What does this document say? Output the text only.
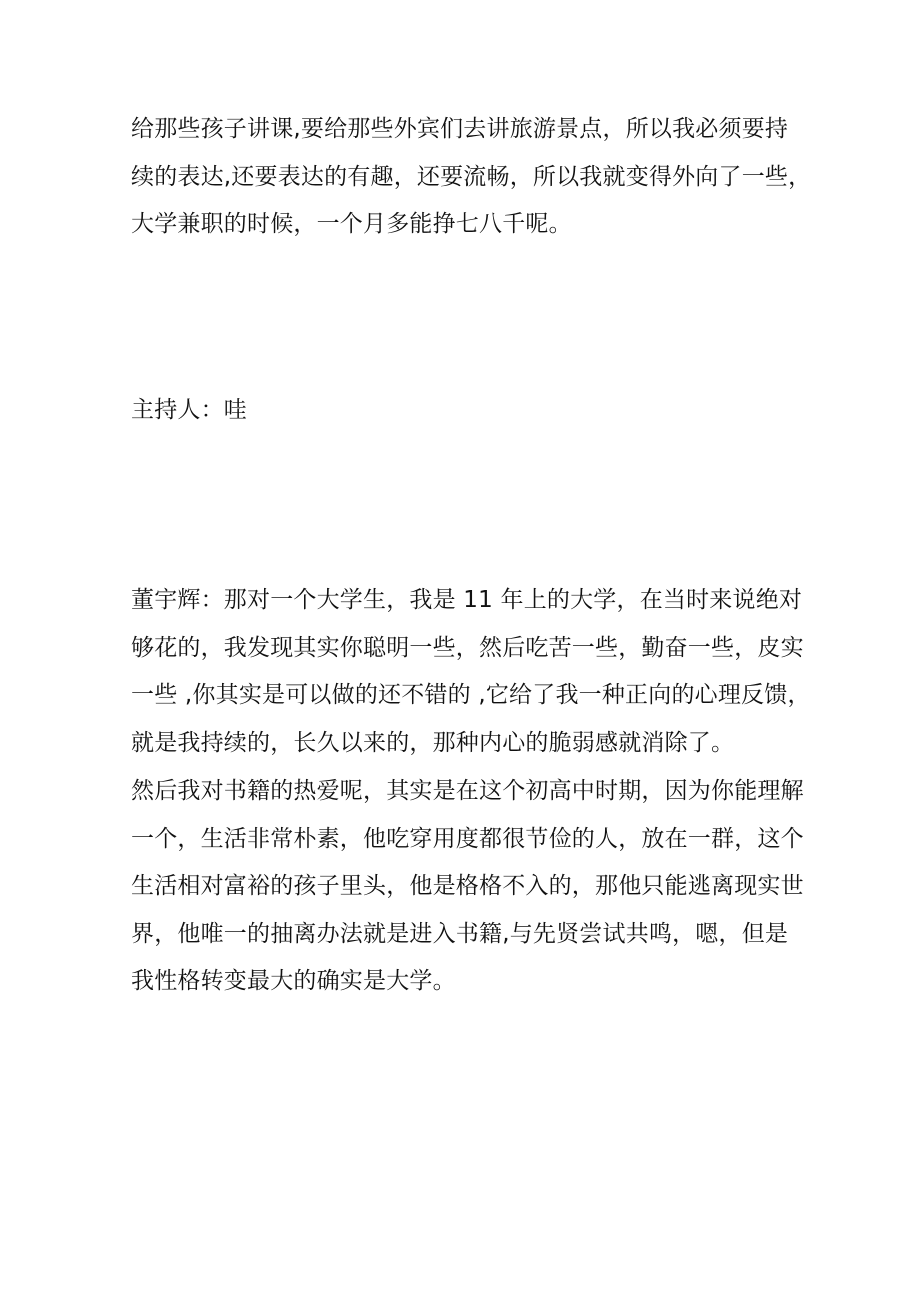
给那些孩子讲课,要给那些外宾们去讲旅游景点，所以我必须要持
续的表达,还要表达的有趣，还要流畅，所以我就变得外向了一些，
大学兼职的时候，一个月多能挣七八千呢。
主持人：哇
董宇辉：那对一个大学生，我是 11 年上的大学，在当时来说绝对
够花的，我发现其实你聪明一些，然后吃苦一些，勤奋一些，皮实
一些 ,你其实是可以做的还不错的 ,它给了我一种正向的心理反馈，
就是我持续的，长久以来的，那种内心的脆弱感就消除了。
然后我对书籍的热爱呢，其实是在这个初高中时期，因为你能理解
一个，生活非常朴素，他吃穿用度都很节俭的人，放在一群，这个
生活相对富裕的孩子里头，他是格格不入的，那他只能逃离现实世
界，他唯一的抽离办法就是进入书籍,与先贤尝试共鸣，嗯，但是
我性格转变最大的确实是大学。
